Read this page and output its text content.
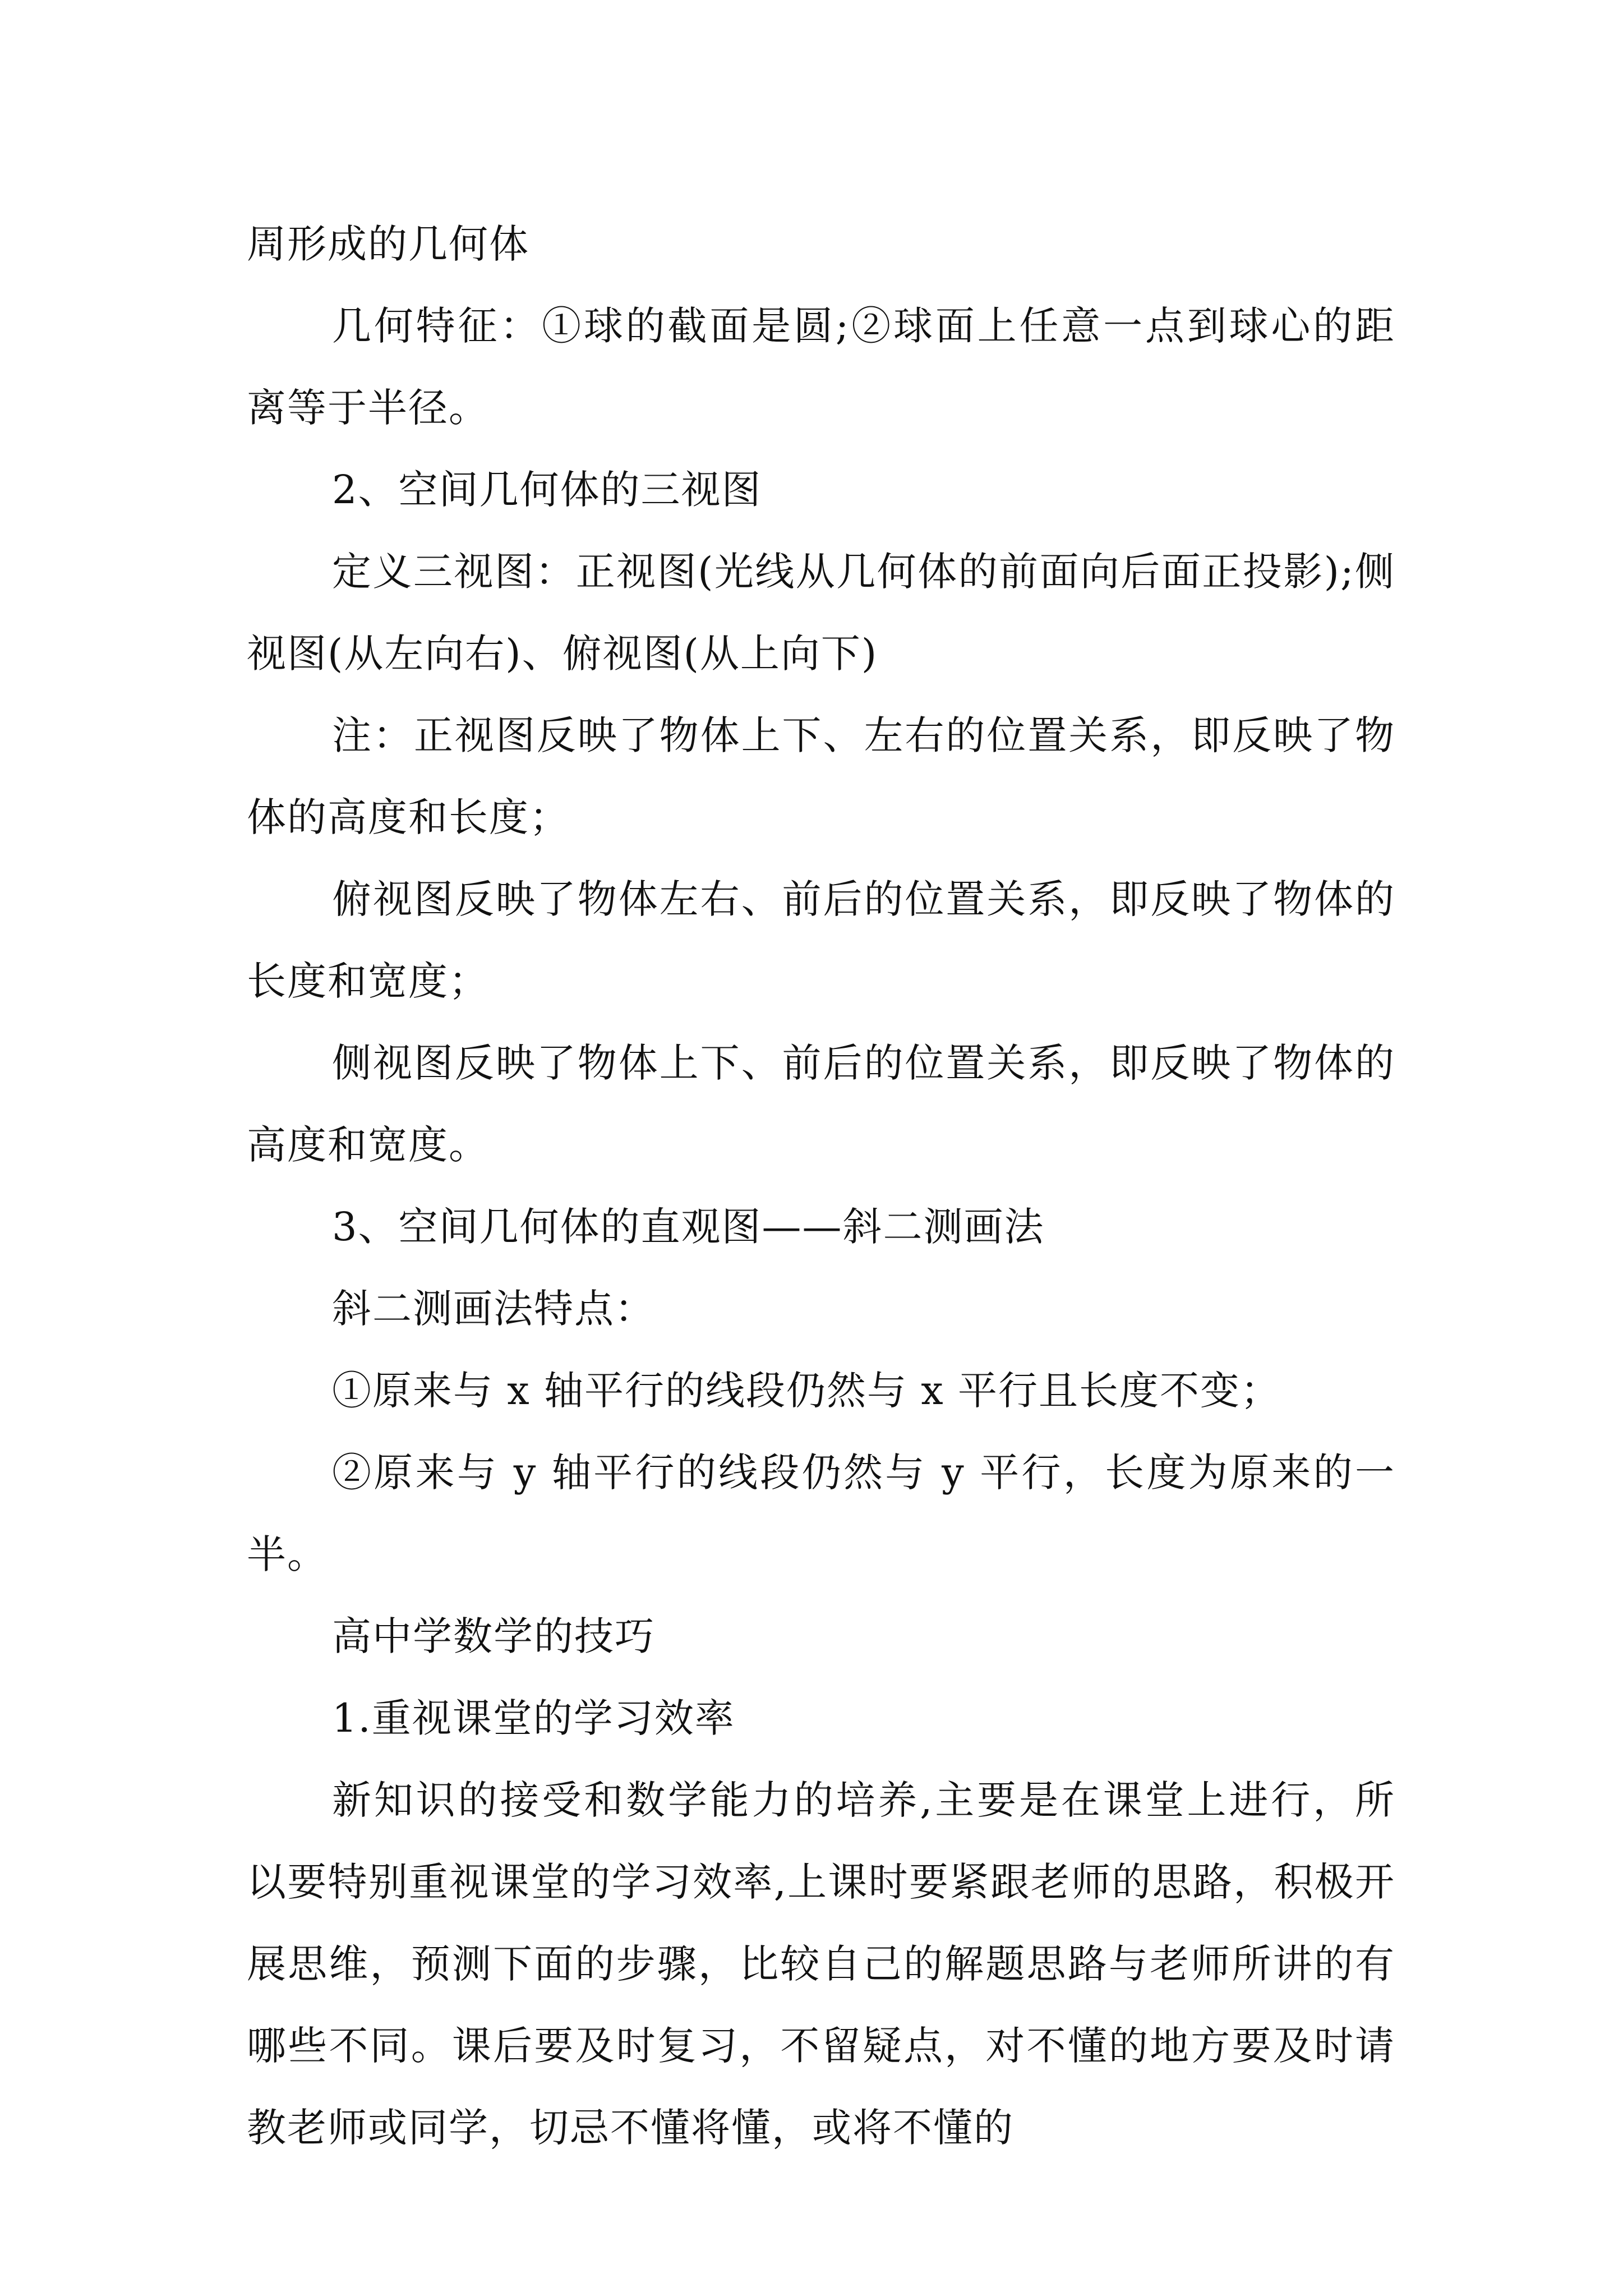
周形成的几何体

几何特征：①球的截面是圆;②球面上任意一点到球心的距离等于半径。

2、空间几何体的三视图

定义三视图：正视图(光线从几何体的前面向后面正投影);侧视图(从左向右)、俯视图(从上向下)

注：正视图反映了物体上下、左右的位置关系，即反映了物体的高度和长度；

俯视图反映了物体左右、前后的位置关系，即反映了物体的长度和宽度；

侧视图反映了物体上下、前后的位置关系，即反映了物体的高度和宽度。

3、空间几何体的直观图——斜二测画法

斜二测画法特点：

①原来与 x 轴平行的线段仍然与 x 平行且长度不变；

②原来与 y 轴平行的线段仍然与 y 平行，长度为原来的一半。

高中学数学的技巧

1.重视课堂的学习效率

新知识的接受和数学能力的培养,主要是在课堂上进行，所以要特别重视课堂的学习效率,上课时要紧跟老师的思路，积极开展思维，预测下面的步骤，比较自己的解题思路与老师所讲的有哪些不同。课后要及时复习，不留疑点，对不懂的地方要及时请教老师或同学，切忌不懂将懂，或将不懂的
